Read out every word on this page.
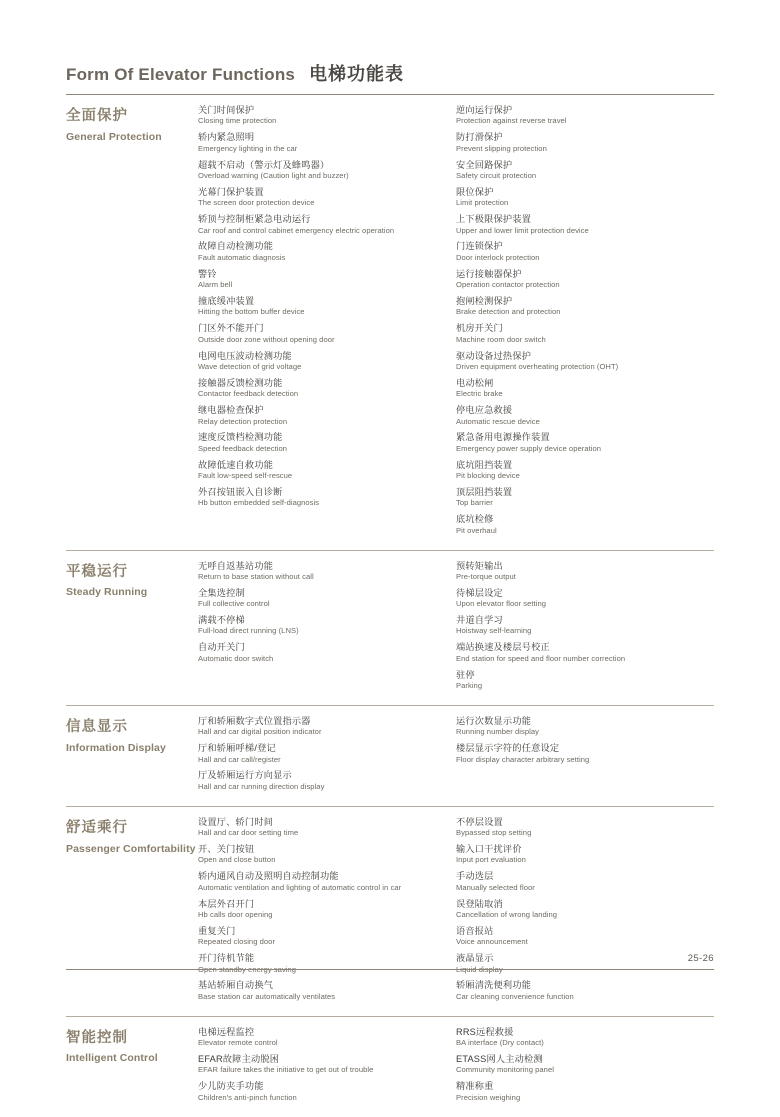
Form Of Elevator Functions 电梯功能表
全面保护
General Protection
关门时间保护
Closing time protection
轿内紧急照明
Emergency lighting in the car
超载不启动（警示灯及蜂鸣器）
Overload warning (Caution light and buzzer)
光幕门保护装置
The screen door protection device
轿顶与控制柜紧急电动运行
Car roof and control cabinet emergency electric operation
故障自动检测功能
Fault automatic diagnosis
警铃
Alarm bell
撞底缓冲装置
Hitting the bottom buffer device
门区外不能开门
Outside door zone without opening door
电网电压波动检测功能
Wave detection of grid voltage
接触器反馈检测功能
Contactor feedback detection
继电器检查保护
Relay detection protection
速度反馈档检测功能
Speed feedback detection
故障低速自救功能
Fault low-speed self-rescue
外召按钮嵌入自诊断
Hb button embedded self-diagnosis
逆向运行保护
Protection against reverse travel
防打滑保护
Prevent slipping protection
安全回路保护
Safety circuit protection
限位保护
Limit protection
上下极限保护装置
Upper and lower limit protection device
门连锁保护
Door interlock protection
运行接触器保护
Operation contactor protection
抱闸检测保护
Brake detection and protection
机房开关门
Machine room door switch
驱动设备过热保护
Driven equipment overheating protection (OHT)
电动松闸
Electric brake
停电应急救援
Automatic rescue device
紧急备用电源操作装置
Emergency power supply device operation
底坑阻挡装置
Pit blocking device
顶层阻挡装置
Top barrier
底坑检修
Pit overhaul
平稳运行
Steady Running
无呼自返基站功能
Return to base station without call
全集选控制
Full collective control
满载不停梯
Full-load direct running (LNS)
自动开关门
Automatic door switch
预转矩输出
Pre-torque output
待梯层设定
Upon elevator floor setting
井道自学习
Hoistway self-learning
端站换速及楼层号校正
End station for speed and floor number correction
驻停
Parking
信息显示
Information Display
厅和轿厢数字式位置指示器
Hall and car digital position indicator
厅和轿厢呼梯/登记
Hall and car call/register
厅及轿厢运行方向显示
Hall and car running direction display
运行次数显示功能
Running number display
楼层显示字符的任意设定
Floor display character arbitrary setting
舒适乘行
Passenger Comfortability
设置厅、轿门时间
Hall and car door setting time
开、关门按钮
Open and close button
轿内通风自动及照明自动控制功能
Automatic ventilation and lighting of automatic control in car
本层外召开门
Hb calls door opening
重复关门
Repeated closing door
开门待机节能
Open standby energy saving
基站轿厢自动换气
Base station car automatically ventilates
不停层设置
Bypassed stop setting
输入口干扰评价
Input port evaluation
手动选层
Manually selected floor
误登陆取消
Cancellation of wrong landing
语音报站
Voice announcement
液晶显示
Liquid display
轿厢清洗便利功能
Car cleaning convenience function
智能控制
Intelligent Control
电梯远程监控
Elevator remote control
EFAR故障主动脱困
EFAR failure takes the initiative to get out of trouble
少儿防夹手功能
Children's anti-pinch function
RRS远程救援
BA interface (Dry contact)
ETASS网人主动检测
Community monitoring panel
精准称重
Precision weighing
25-26
